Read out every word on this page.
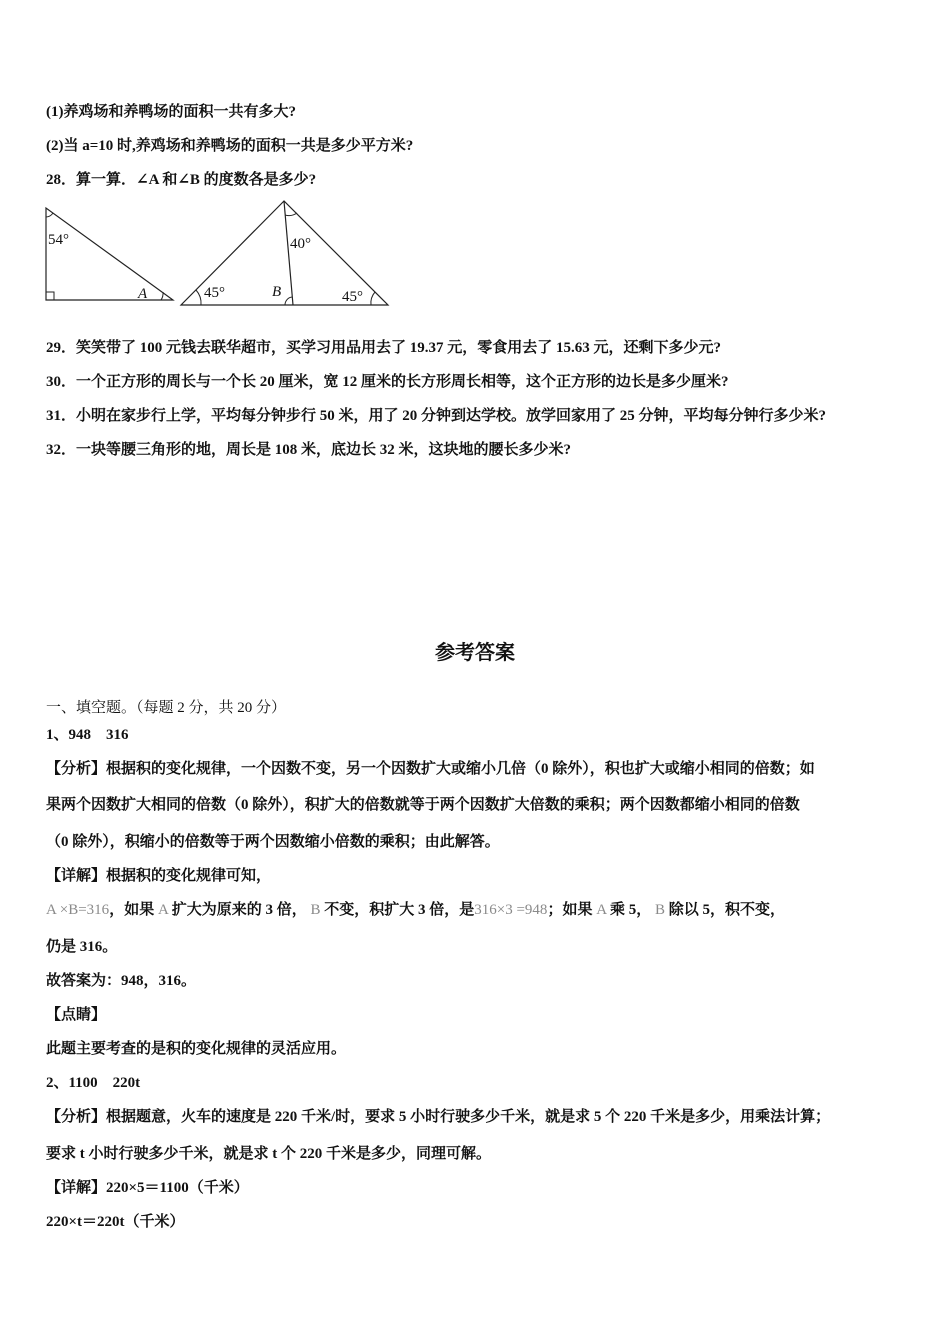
(1)养鸡场和养鸭场的面积一共有多大?
(2)当 a=10 时,养鸡场和养鸭场的面积一共是多少平方米?
28．算一算．∠A 和∠B 的度数各是多少?
54°
A	45°
40°
B	45°
29．笑笑带了 100 元钱去联华超市，买学习用品用去了 19.37 元，零食用去了 15.63 元，还剩下多少元?
30．一个正方形的周长与一个长 20 厘米，宽 12 厘米的长方形周长相等，这个正方形的边长是多少厘米?
31．小明在家步行上学，平均每分钟步行 50 米，用了 20 分钟到达学校。放学回家用了 25 分钟，平均每分钟行多少米?
32．一块等腰三角形的地，周长是 108 米，底边长 32 米，这块地的腰长多少米?
参考答案
一、填空题。（每题 2 分，共 20 分）
1、948　316
【分析】根据积的变化规律，一个因数不变，另一个因数扩大或缩小几倍（0 除外），积也扩大或缩小相同的倍数；如
果两个因数扩大相同的倍数（0 除外），积扩大的倍数就等于两个因数扩大倍数的乘积；两个因数都缩小相同的倍数
（0 除外），积缩小的倍数等于两个因数缩小倍数的乘积；由此解答。
【详解】根据积的变化规律可知，
A ×B=316，如果 A 扩大为原来的 3 倍， B 不变，积扩大 3 倍，是316×3 =948；如果 A 乘 5， B 除以 5，积不变，
仍是 316。
故答案为：948，316。
【点睛】
此题主要考查的是积的变化规律的灵活应用。
2、1100　220t
【分析】根据题意，火车的速度是 220 千米/时，要求 5 小时行驶多少千米，就是求 5 个 220 千米是多少，用乘法计算；
要求 t 小时行驶多少千米，就是求 t 个 220 千米是多少，同理可解。
【详解】220×5＝1100（千米）
220×t＝220t（千米）
